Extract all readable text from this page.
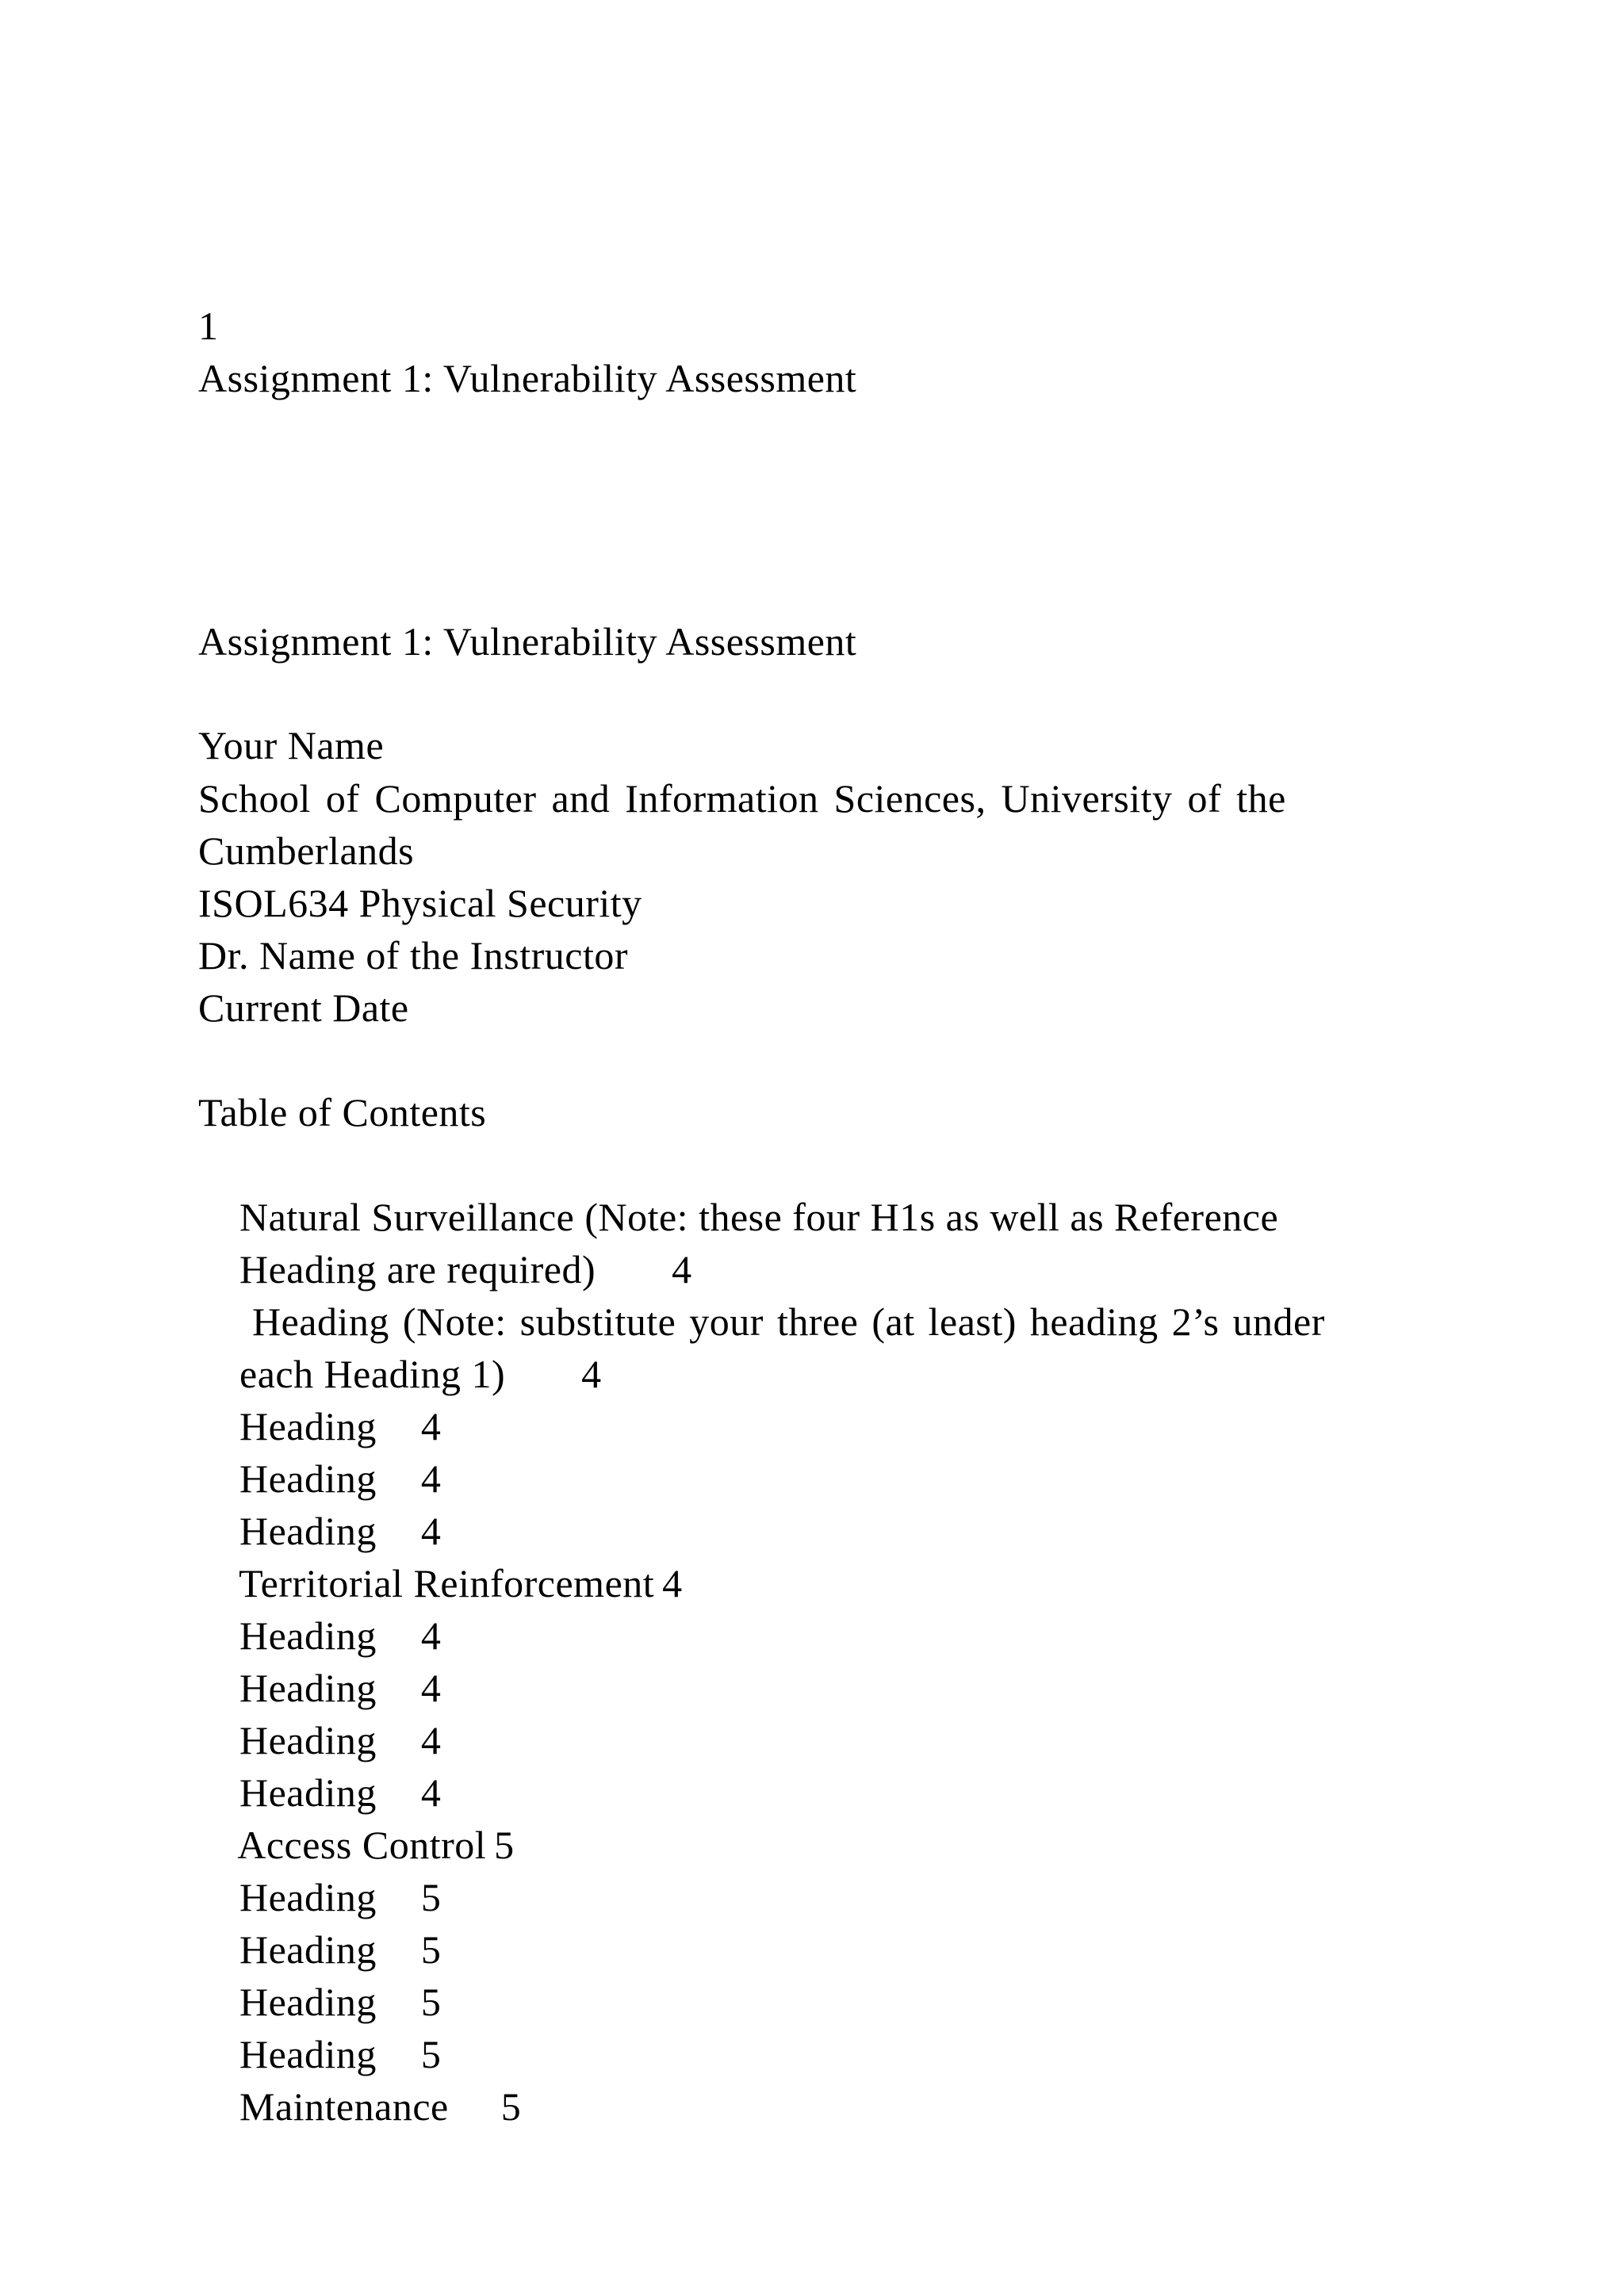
1
Assignment 1: Vulnerability Assessment
Assignment 1: Vulnerability Assessment
Your Name
School of Computer and Information Sciences, University of the
Cumberlands
ISOL634 Physical Security
Dr. Name of the Instructor
Current Date
Table of Contents

Natural Surveillance (Note: these four H1s as well as Reference

Heading are required) 4

Heading (Note: substitute your three (at least) heading 2’s under

each Heading 1) 4

Heading 4

Heading 4

Heading 4

Territorial Reinforcement 4

Heading 4

Heading 4

Heading 4

Heading 4

Access Control 5

Heading 5

Heading 5

Heading 5

Heading 5

Maintenance 5
